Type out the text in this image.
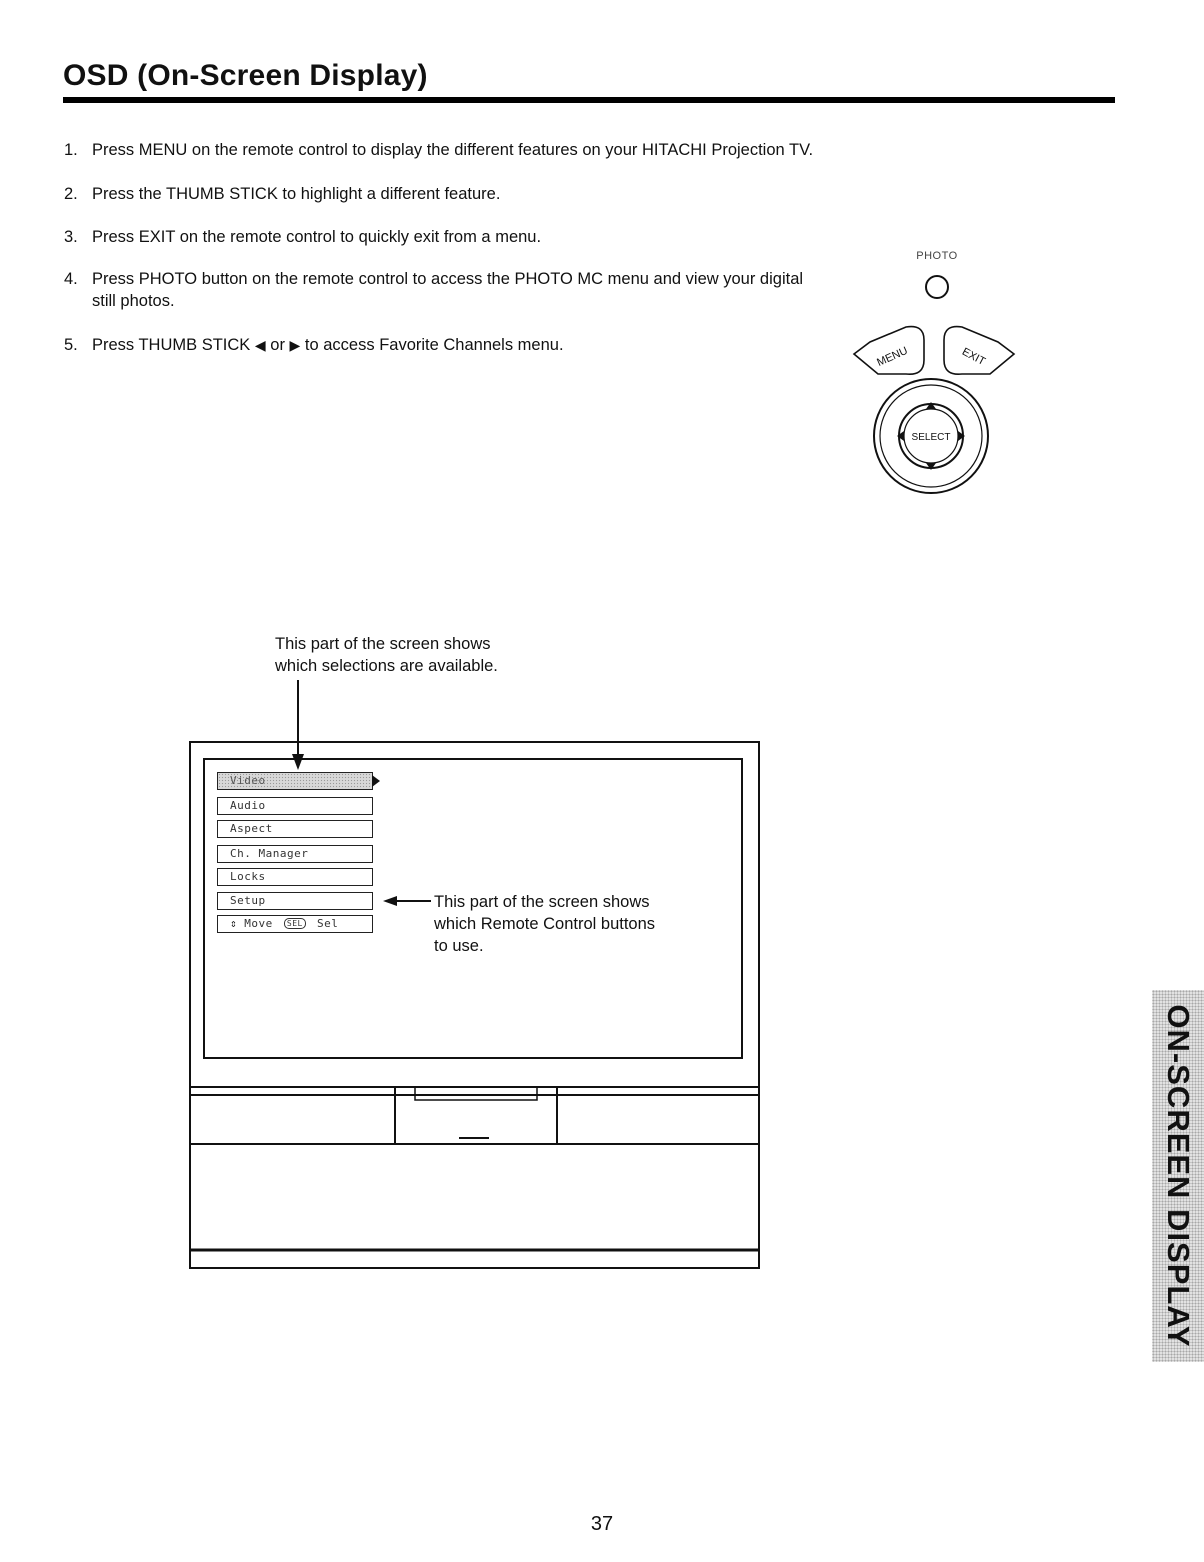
OSD (On-Screen Display)
1. Press MENU on the remote control to display the different features on your HITACHI Projection TV.
2. Press the THUMB STICK to highlight a different feature.
3. Press EXIT on the remote control to quickly exit from a menu.
4. Press PHOTO button on the remote control to access the PHOTO MC menu and view your digital still photos.
5. Press THUMB STICK ◀ or ▶ to access Favorite Channels menu.
PHOTO
MENU	EXIT
SELECT
This part of the screen shows
which selections are available.
Video
Audio
Aspect
Ch. Manager
Locks
Setup
⇕ Move SEL Sel
This part of the screen shows
which Remote Control buttons
to use.
ON-SCREEN DISPLAY
37
